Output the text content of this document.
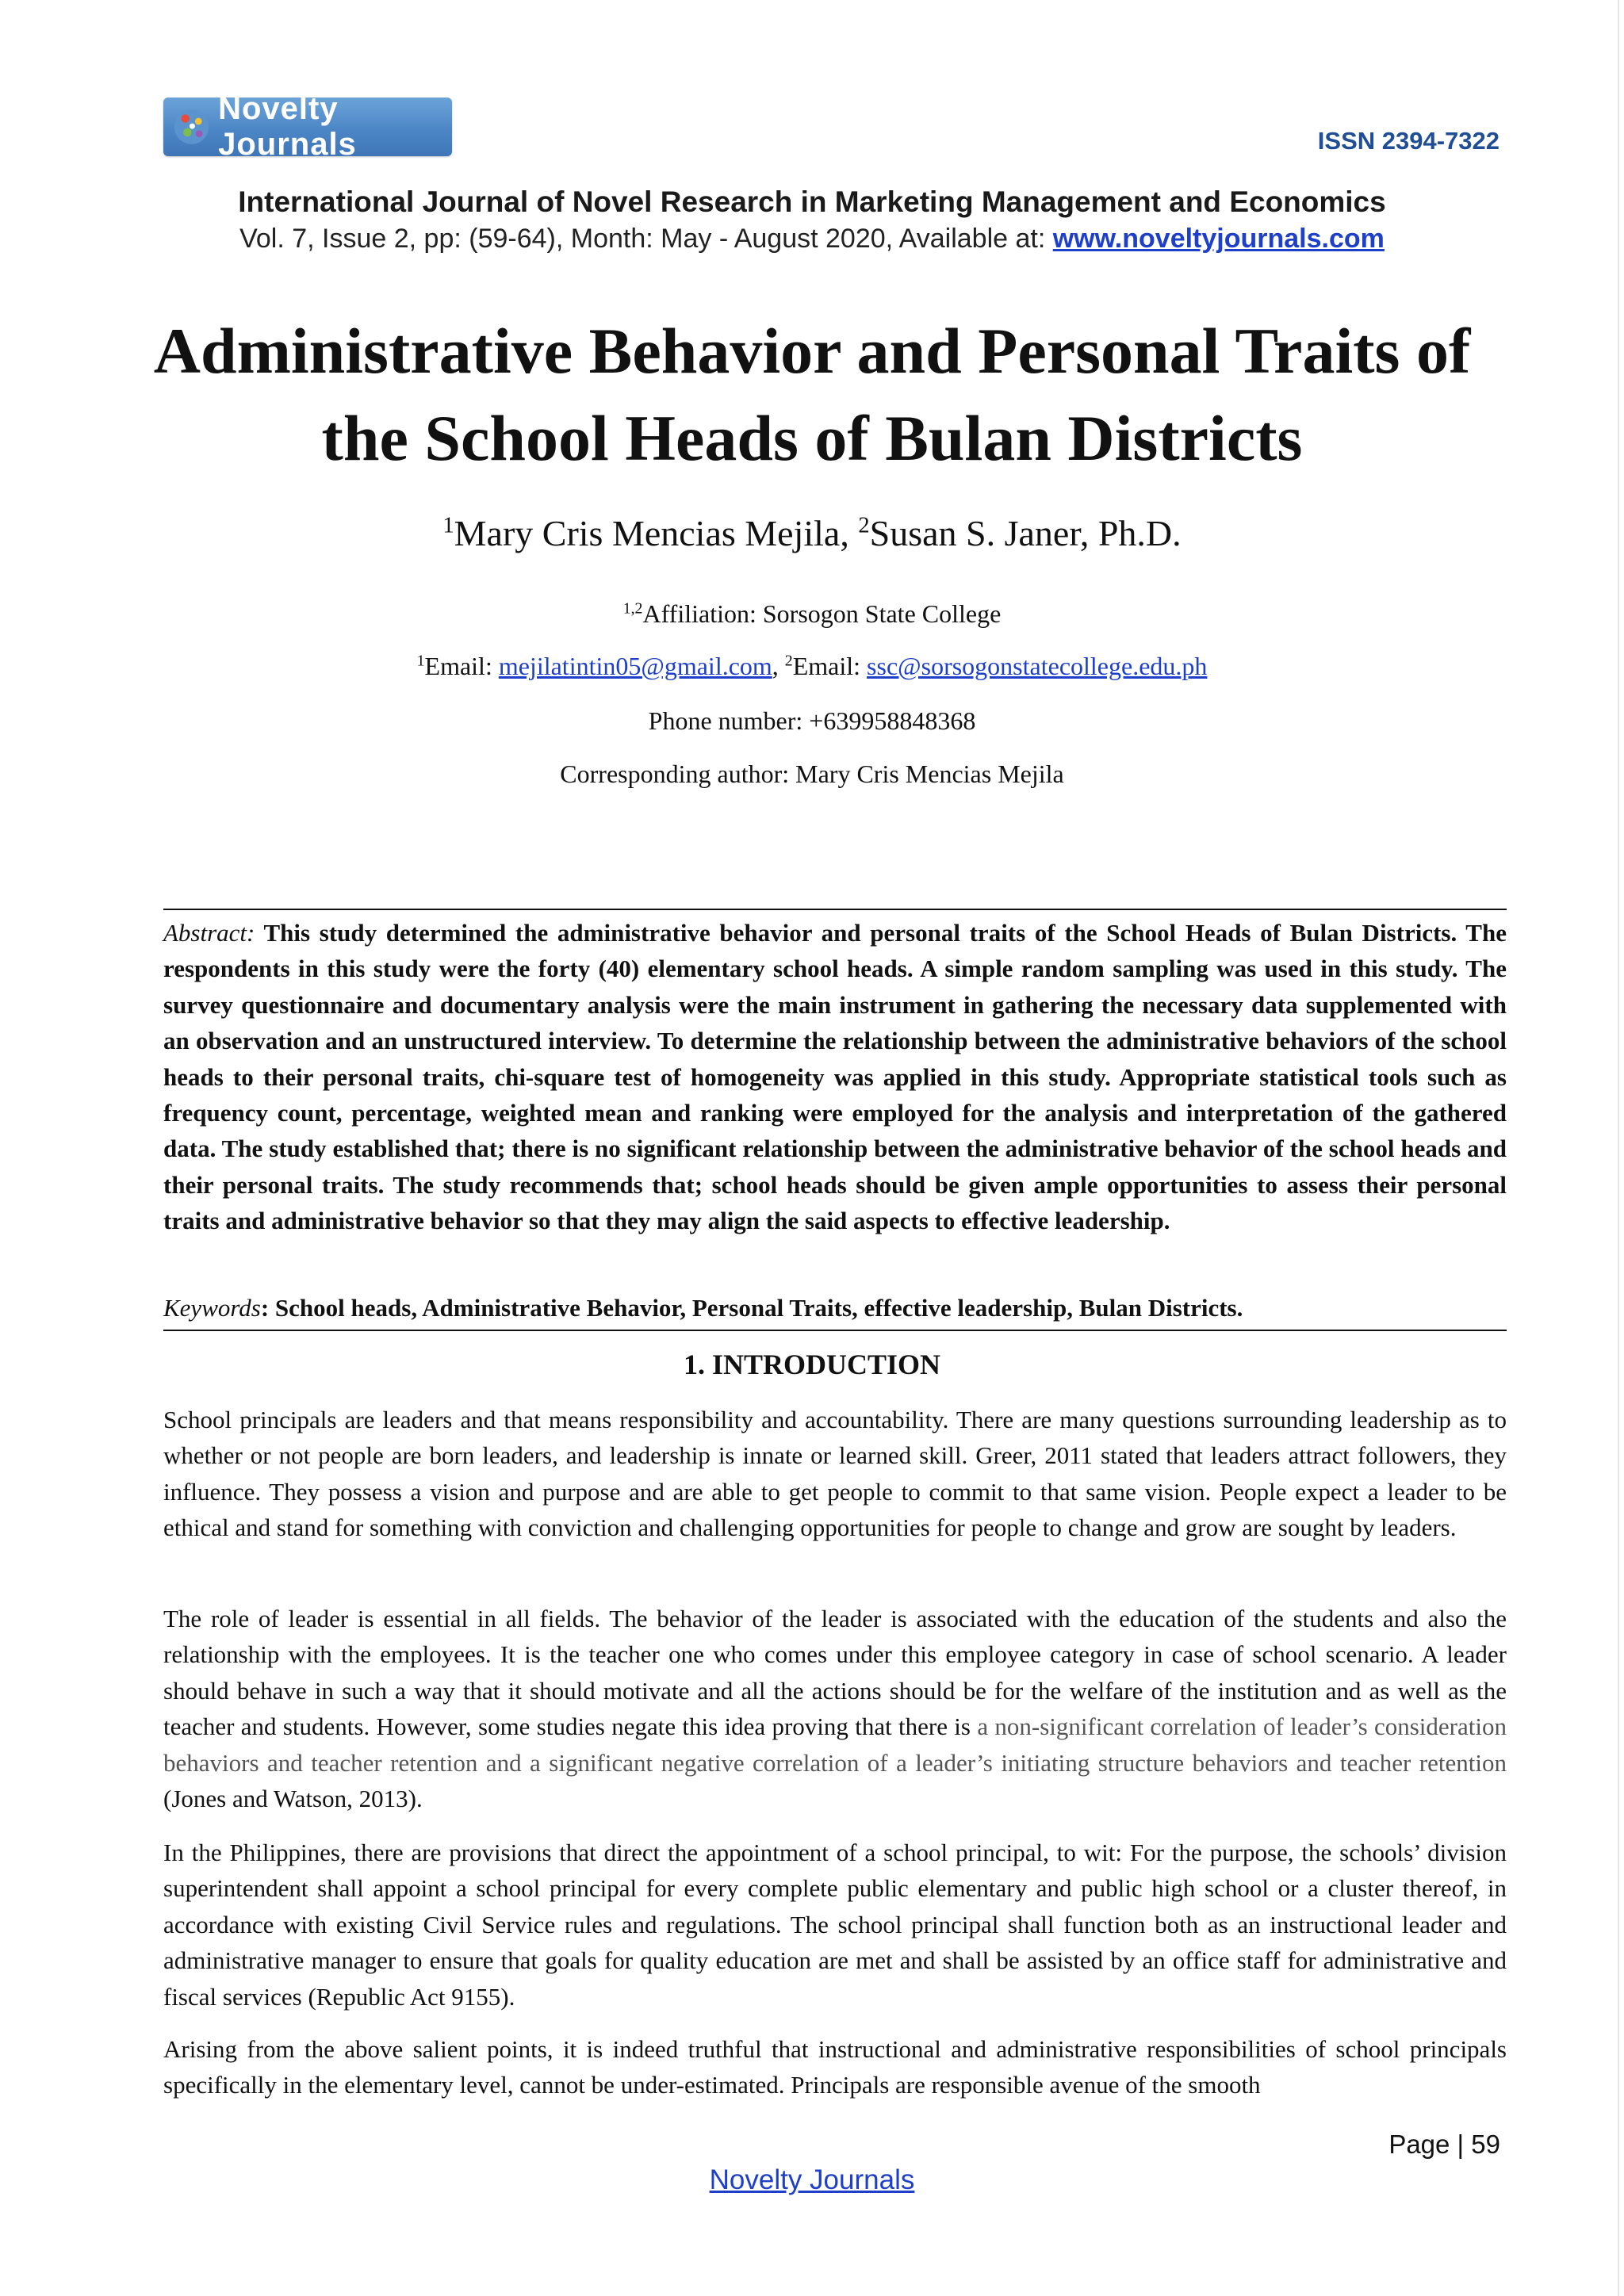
Novelty Journals	ISSN 2394-7322
International Journal of Novel Research in Marketing Management and Economics
Vol. 7, Issue 2, pp: (59-64), Month: May - August 2020, Available at: www.noveltyjournals.com
Administrative Behavior and Personal Traits of
the School Heads of Bulan Districts
$^1$Mary Cris Mencias Mejila, $^2$Susan S. Janer, Ph.D.
$^{1,2}$Affiliation: Sorsogon State College
$^1$Email: mejilatintin05@gmail.com, $^2$Email: ssc@sorsogonstatecollege.edu.ph
Phone number: +639958848368
Corresponding author: Mary Cris Mencias Mejila
Abstract: This study determined the administrative behavior and personal traits of the School Heads of Bulan Districts. The respondents in this study were the forty (40) elementary school heads. A simple random sampling was used in this study. The survey questionnaire and documentary analysis were the main instrument in gathering the necessary data supplemented with an observation and an unstructured interview. To determine the relationship between the administrative behaviors of the school heads to their personal traits, chi-square test of homogeneity was applied in this study. Appropriate statistical tools such as frequency count, percentage, weighted mean and ranking were employed for the analysis and interpretation of the gathered data. The study established that; there is no significant relationship between the administrative behavior of the school heads and their personal traits. The study recommends that; school heads should be given ample opportunities to assess their personal traits and administrative behavior so that they may align the said aspects to effective leadership.
Keywords: School heads, Administrative Behavior, Personal Traits, effective leadership, Bulan Districts.
1. INTRODUCTION

School principals are leaders and that means responsibility and accountability. There are many questions surrounding leadership as to whether or not people are born leaders, and leadership is innate or learned skill. Greer, 2011 stated that leaders attract followers, they influence. They possess a vision and purpose and are able to get people to commit to that same vision. People expect a leader to be ethical and stand for something with conviction and challenging opportunities for people to change and grow are sought by leaders.

The role of leader is essential in all fields. The behavior of the leader is associated with the education of the students and also the relationship with the employees. It is the teacher one who comes under this employee category in case of school scenario. A leader should behave in such a way that it should motivate and all the actions should be for the welfare of the institution and as well as the teacher and students. However, some studies negate this idea proving that there is a non-significant correlation of leader’s consideration behaviors and teacher retention and a significant negative correlation of a leader’s initiating structure behaviors and teacher retention (Jones and Watson, 2013).

In the Philippines, there are provisions that direct the appointment of a school principal, to wit: For the purpose, the schools’ division superintendent shall appoint a school principal for every complete public elementary and public high school or a cluster thereof, in accordance with existing Civil Service rules and regulations. The school principal shall function both as an instructional leader and administrative manager to ensure that goals for quality education are met and shall be assisted by an office staff for administrative and fiscal services (Republic Act 9155).

Arising from the above salient points, it is indeed truthful that instructional and administrative responsibilities of school principals specifically in the elementary level, cannot be under-estimated. Principals are responsible avenue of the smooth

Page | 59
Novelty Journals
